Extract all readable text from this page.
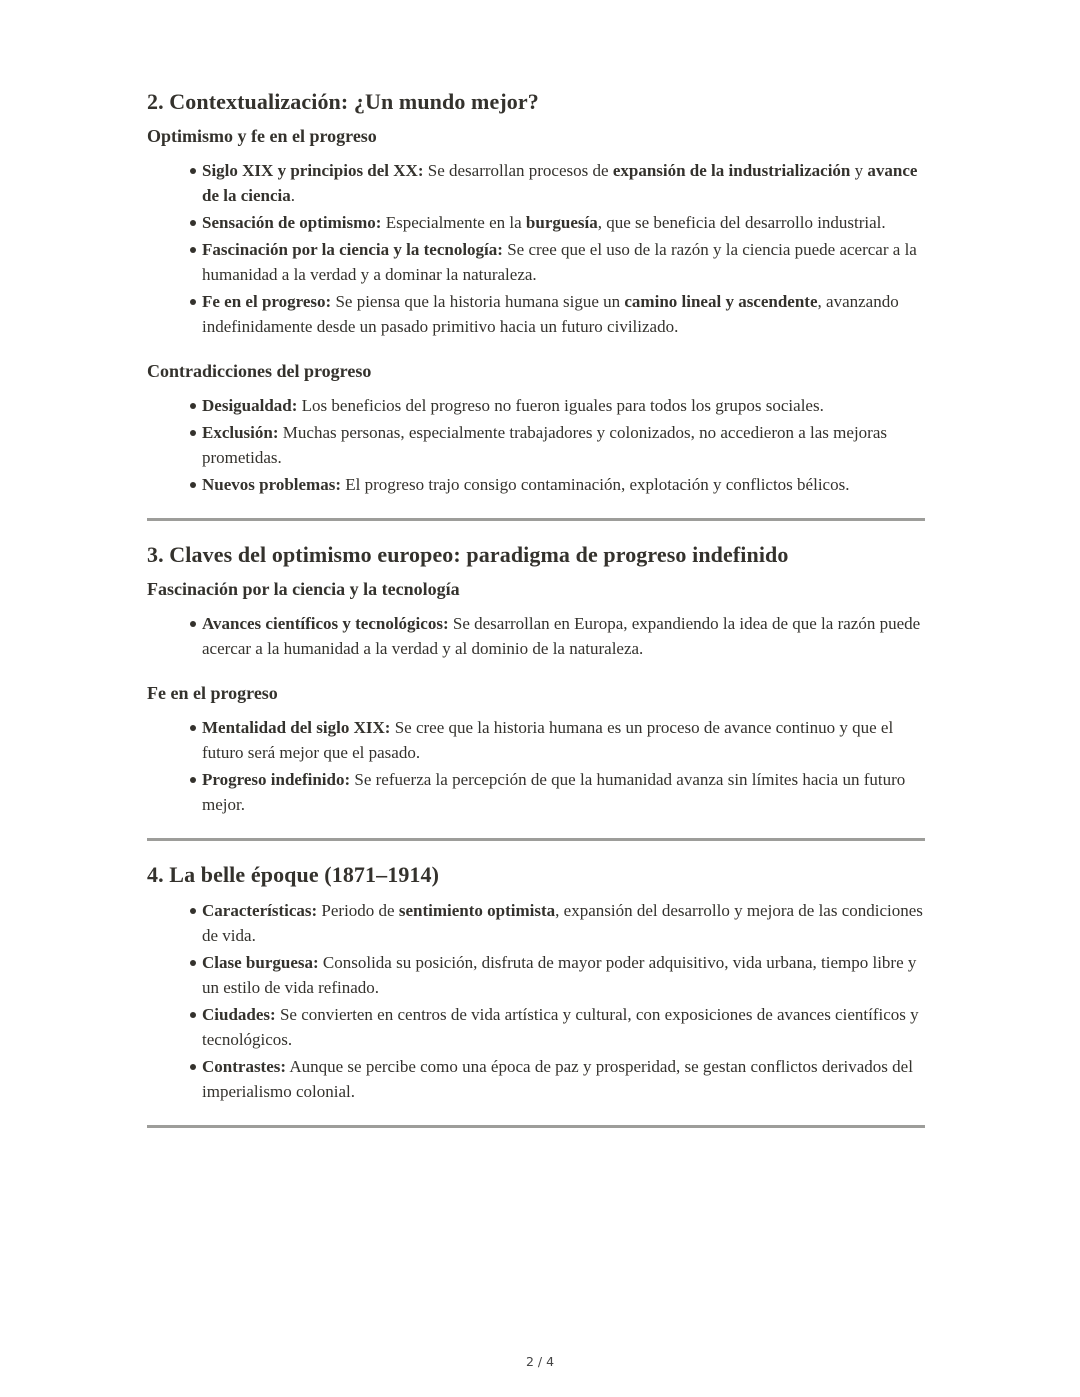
2. Contextualización: ¿Un mundo mejor?
Optimismo y fe en el progreso
Siglo XIX y principios del XX: Se desarrollan procesos de expansión de la industrialización y avance de la ciencia.
Sensación de optimismo: Especialmente en la burguesía, que se beneficia del desarrollo industrial.
Fascinación por la ciencia y la tecnología: Se cree que el uso de la razón y la ciencia puede acercar a la humanidad a la verdad y a dominar la naturaleza.
Fe en el progreso: Se piensa que la historia humana sigue un camino lineal y ascendente, avanzando indefinidamente desde un pasado primitivo hacia un futuro civilizado.
Contradicciones del progreso
Desigualdad: Los beneficios del progreso no fueron iguales para todos los grupos sociales.
Exclusión: Muchas personas, especialmente trabajadores y colonizados, no accedieron a las mejoras prometidas.
Nuevos problemas: El progreso trajo consigo contaminación, explotación y conflictos bélicos.
3. Claves del optimismo europeo: paradigma de progreso indefinido
Fascinación por la ciencia y la tecnología
Avances científicos y tecnológicos: Se desarrollan en Europa, expandiendo la idea de que la razón puede acercar a la humanidad a la verdad y al dominio de la naturaleza.
Fe en el progreso
Mentalidad del siglo XIX: Se cree que la historia humana es un proceso de avance continuo y que el futuro será mejor que el pasado.
Progreso indefinido: Se refuerza la percepción de que la humanidad avanza sin límites hacia un futuro mejor.
4. La belle époque (1871–1914)
Características: Periodo de sentimiento optimista, expansión del desarrollo y mejora de las condiciones de vida.
Clase burguesa: Consolida su posición, disfruta de mayor poder adquisitivo, vida urbana, tiempo libre y un estilo de vida refinado.
Ciudades: Se convierten en centros de vida artística y cultural, con exposiciones de avances científicos y tecnológicos.
Contrastes: Aunque se percibe como una época de paz y prosperidad, se gestan conflictos derivados del imperialismo colonial.
2 / 4
